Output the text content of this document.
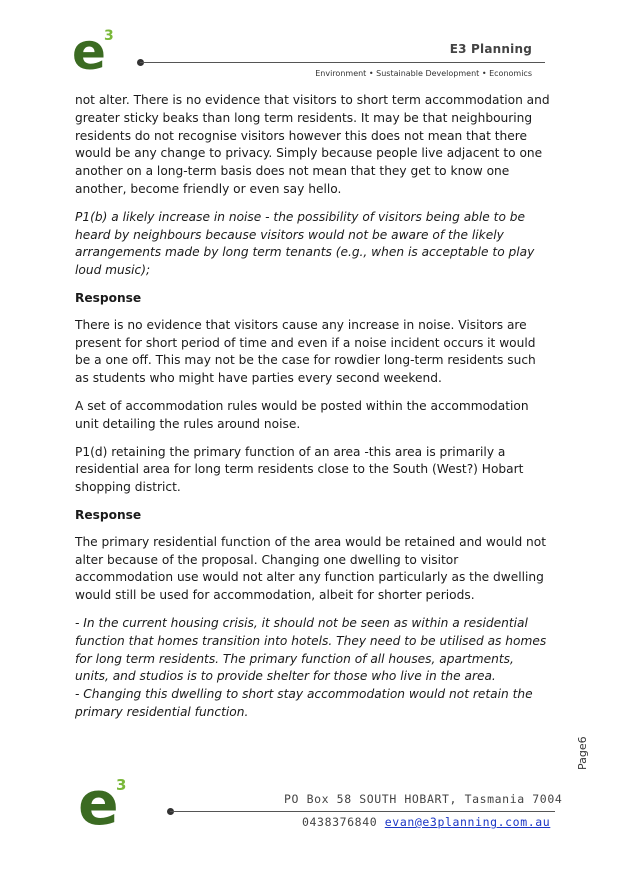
e
3
E3 Planning
Environment • Sustainable Development • Economics

not alter. There is no evidence that visitors to short term accommodation and greater sticky beaks than long term residents. It may be that neighbouring residents do not recognise visitors however this does not mean that there would be any change to privacy. Simply because people live adjacent to one another on a long-term basis does not mean that they get to know one another, become friendly or even say hello.

P1(b) a likely increase in noise - the possibility of visitors being able to be heard by neighbours because visitors would not be aware of the likely arrangements made by long term tenants (e.g., when is acceptable to play loud music);

Response

There is no evidence that visitors cause any increase in noise. Visitors are present for short period of time and even if a noise incident occurs it would be a one off. This may not be the case for rowdier long-term residents such as students who might have parties every second weekend.

A set of accommodation rules would be posted within the accommodation unit detailing the rules around noise.

P1(d) retaining the primary function of an area -this area is primarily a residential area for long term residents close to the South (West?) Hobart shopping district.

Response

The primary residential function of the area would be retained and would not alter because of the proposal. Changing one dwelling to visitor accommodation use would not alter any function particularly as the dwelling would still be used for accommodation, albeit for shorter periods.

- In the current housing crisis, it should not be seen as within a residential function that homes transition into hotels. They need to be utilised as homes for long term residents. The primary function of all houses, apartments, units, and studios is to provide shelter for those who live in the area.

- Changing this dwelling to short stay accommodation would not retain the primary residential function.

Page6
e
3
PO Box 58 SOUTH HOBART, Tasmania 7004
0438376840 evan@e3planning.com.au
